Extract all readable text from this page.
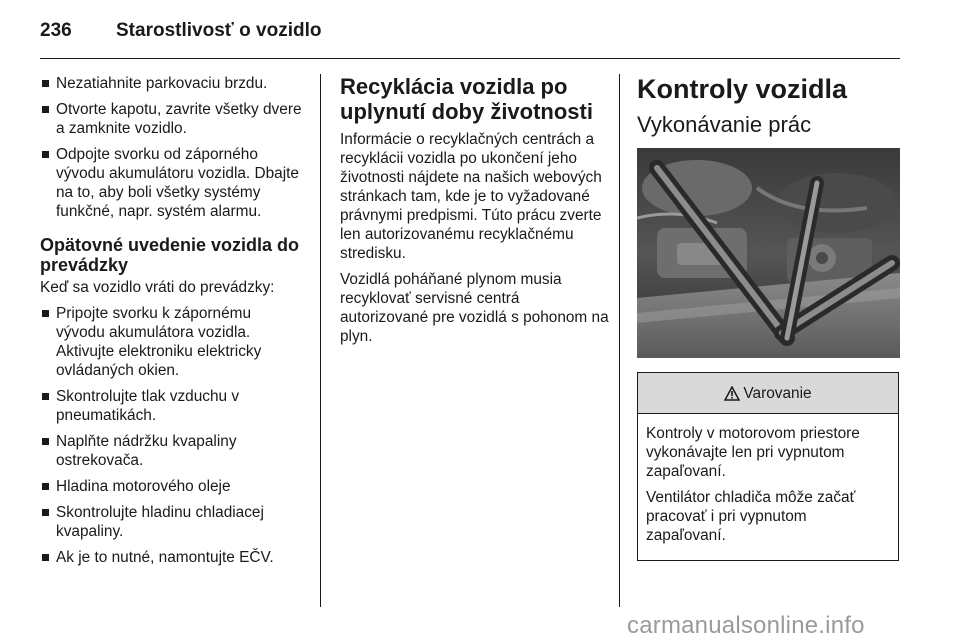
236 Starostlivosť o vozidlo
Nezatiahnite parkovaciu brzdu.
Otvorte kapotu, zavrite všetky dvere a zamknite vozidlo.
Odpojte svorku od záporného vývodu akumulátoru vozidla. Dbajte na to, aby boli všetky systémy funkčné, napr. systém alarmu.
Opätovné uvedenie vozidla do prevádzky

Keď sa vozidlo vráti do prevádzky:

Pripojte svorku k zápornému vývodu akumulátora vozidla. Aktivujte elektroniku elektricky ovládaných okien.
Skontrolujte tlak vzduchu v pneumatikách.
Naplňte nádržku kvapaliny ostrekovača.
Hladina motorového oleje
Skontrolujte hladinu chladiacej kvapaliny.
Ak je to nutné, namontujte EČV.
Recyklácia vozidla po uplynutí doby životnosti

Informácie o recyklačných centrách a recyklácii vozidla po ukončení jeho životnosti nájdete na našich webových stránkach tam, kde je to vyžadované právnymi predpismi. Túto prácu zverte len autorizovanému recyklačnému stredisku.

Vozidlá poháňané plynom musia recyklovať servisné centrá autorizované pre vozidlá s pohonom na plyn.

Kontroly vozidla
Vykonávanie prác
Varovanie

Kontroly v motorovom priestore vykonávajte len pri vypnutom zapaľovaní.

Ventilátor chladiča môže začať pracovať i pri vypnutom zapaľovaní.

carmanualsonline.info
